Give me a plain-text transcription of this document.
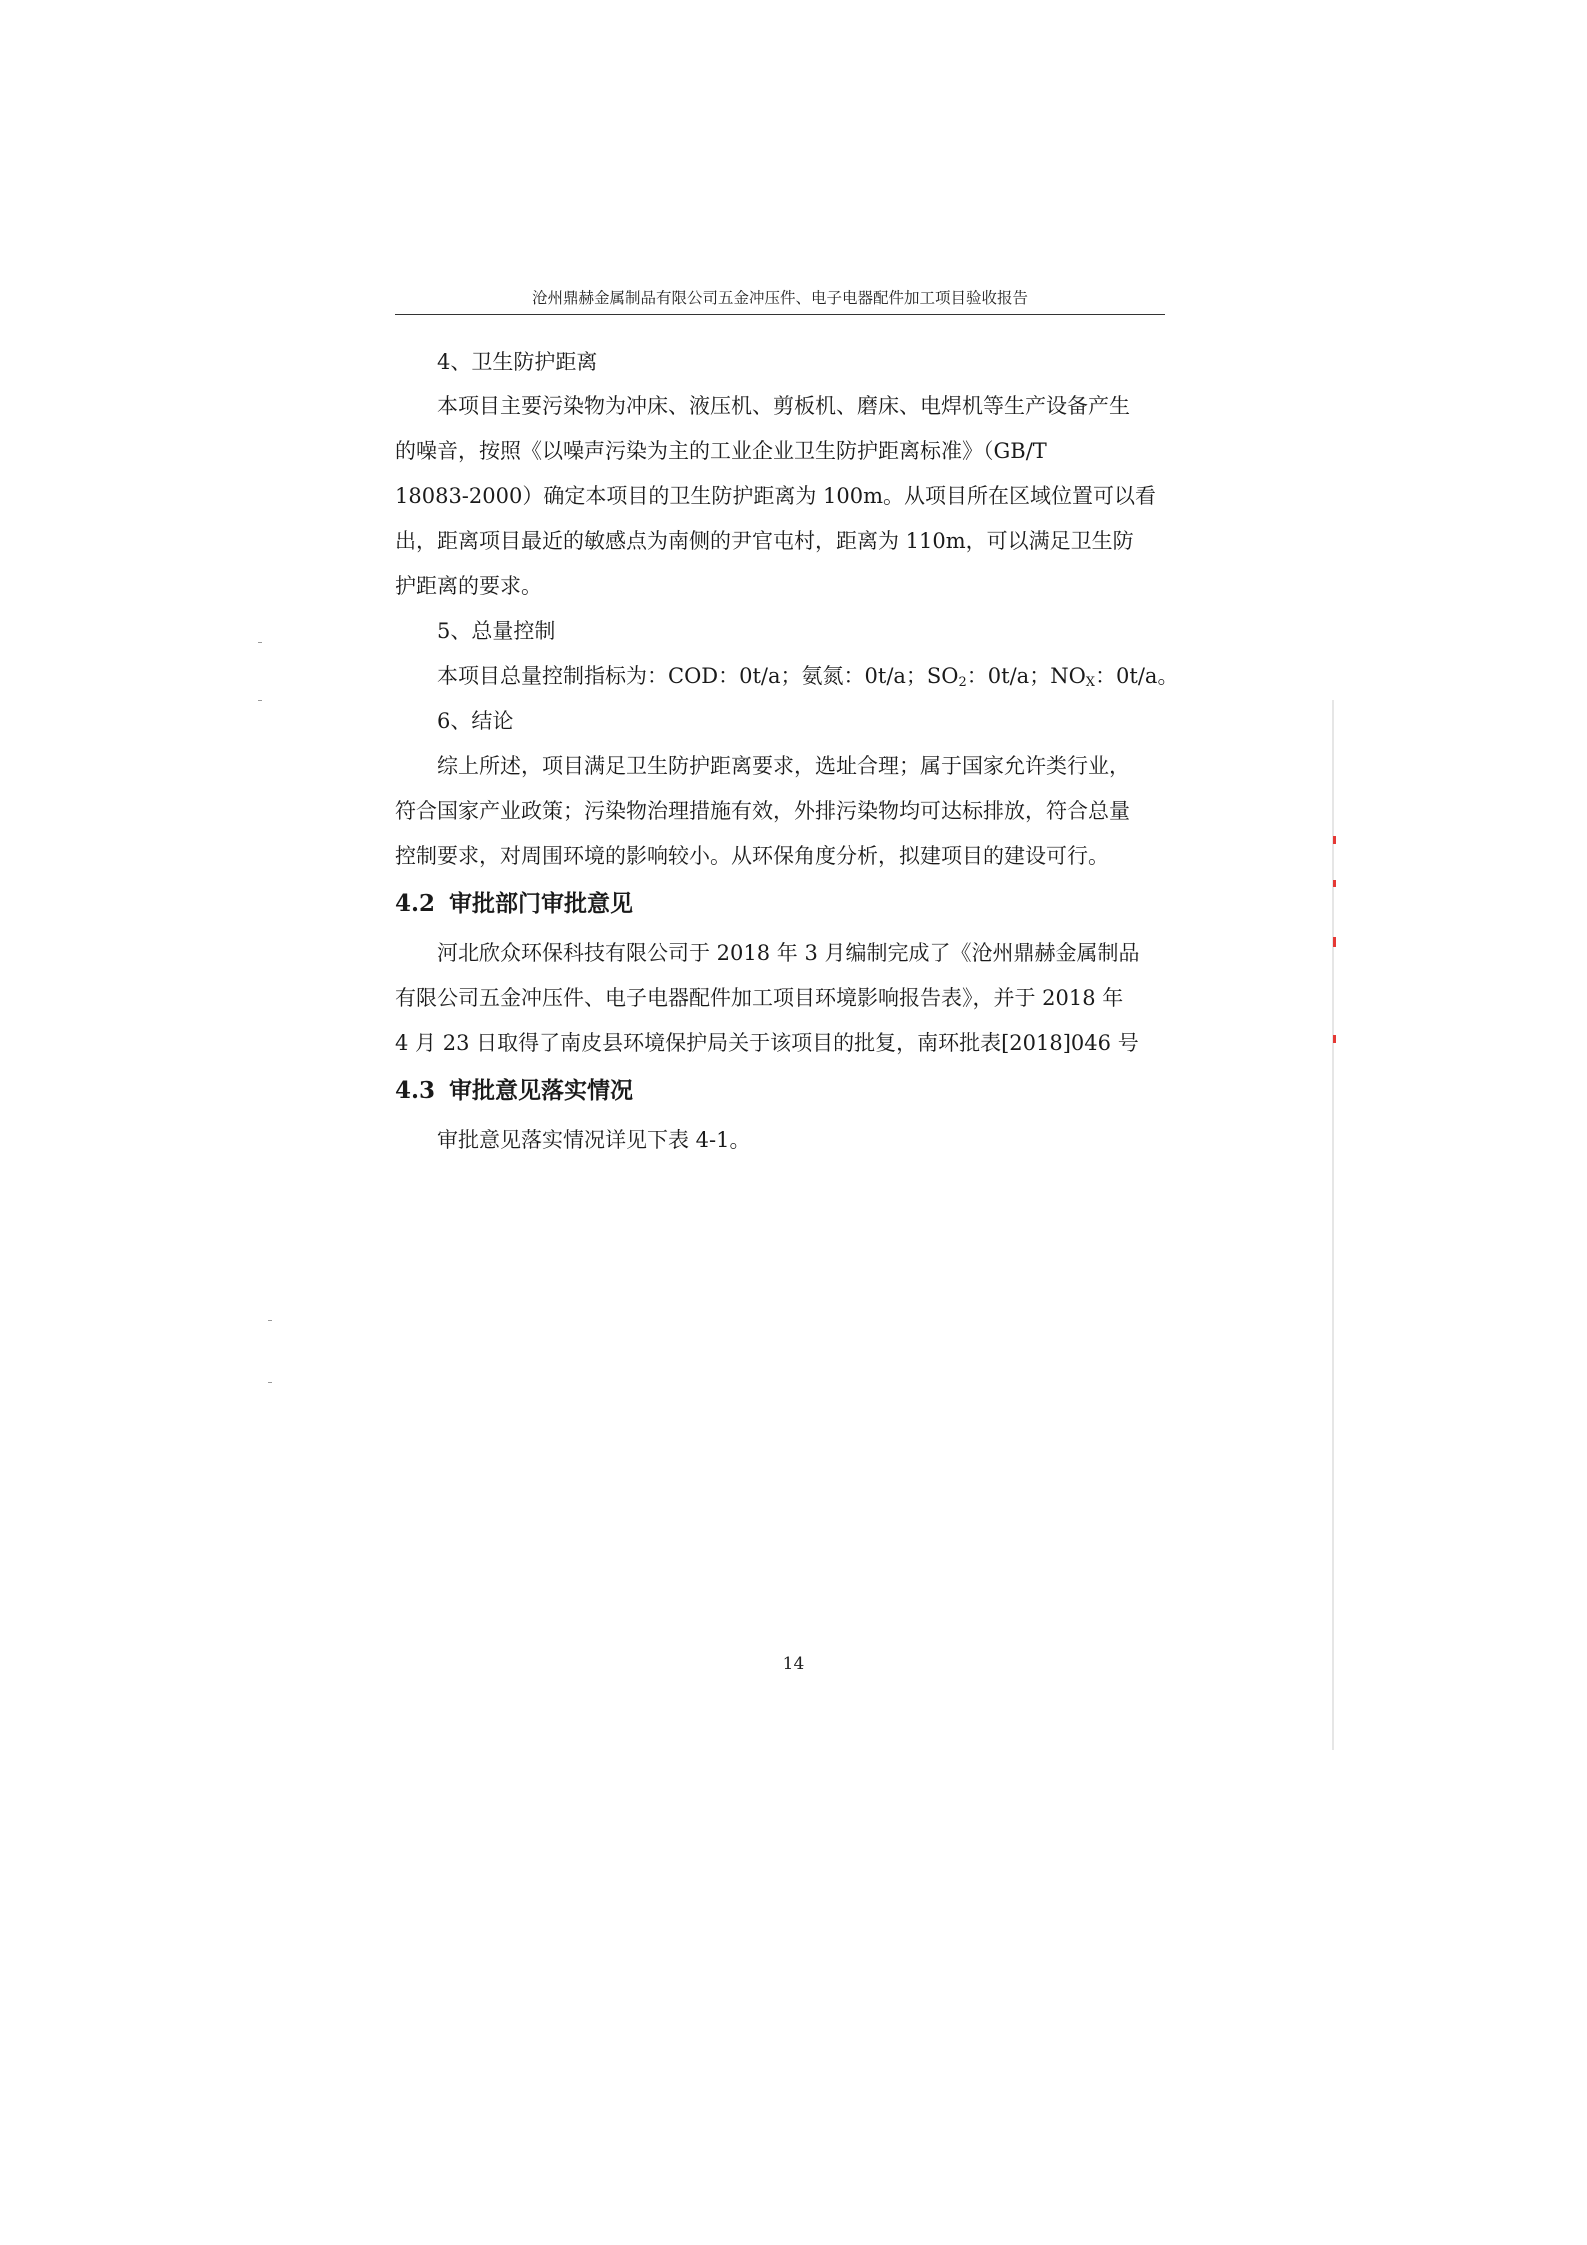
沧州鼎赫金属制品有限公司五金冲压件、电子电器配件加工项目验收报告
4、卫生防护距离
本项目主要污染物为冲床、液压机、剪板机、磨床、电焊机等生产设备产生
的噪音，按照《以噪声污染为主的工业企业卫生防护距离标准》（GB/T
18083-2000）确定本项目的卫生防护距离为 100m。从项目所在区域位置可以看
出，距离项目最近的敏感点为南侧的尹官屯村，距离为 110m，可以满足卫生防
护距离的要求。
5、总量控制
本项目总量控制指标为：COD：0t/a；氨氮：0t/a；$SO_2$：0t/a；$NO_X$：0t/a。
6、结论
综上所述，项目满足卫生防护距离要求，选址合理；属于国家允许类行业，
符合国家产业政策；污染物治理措施有效，外排污染物均可达标排放，符合总量
控制要求，对周围环境的影响较小。从环保角度分析，拟建项目的建设可行。
4.2 审批部门审批意见
河北欣众环保科技有限公司于 2018 年 3 月编制完成了《沧州鼎赫金属制品
有限公司五金冲压件、电子电器配件加工项目环境影响报告表》，并于 2018 年
4 月 23 日取得了南皮县环境保护局关于该项目的批复，南环批表[2018]046 号
4.3 审批意见落实情况
审批意见落实情况详见下表 4-1。
14
